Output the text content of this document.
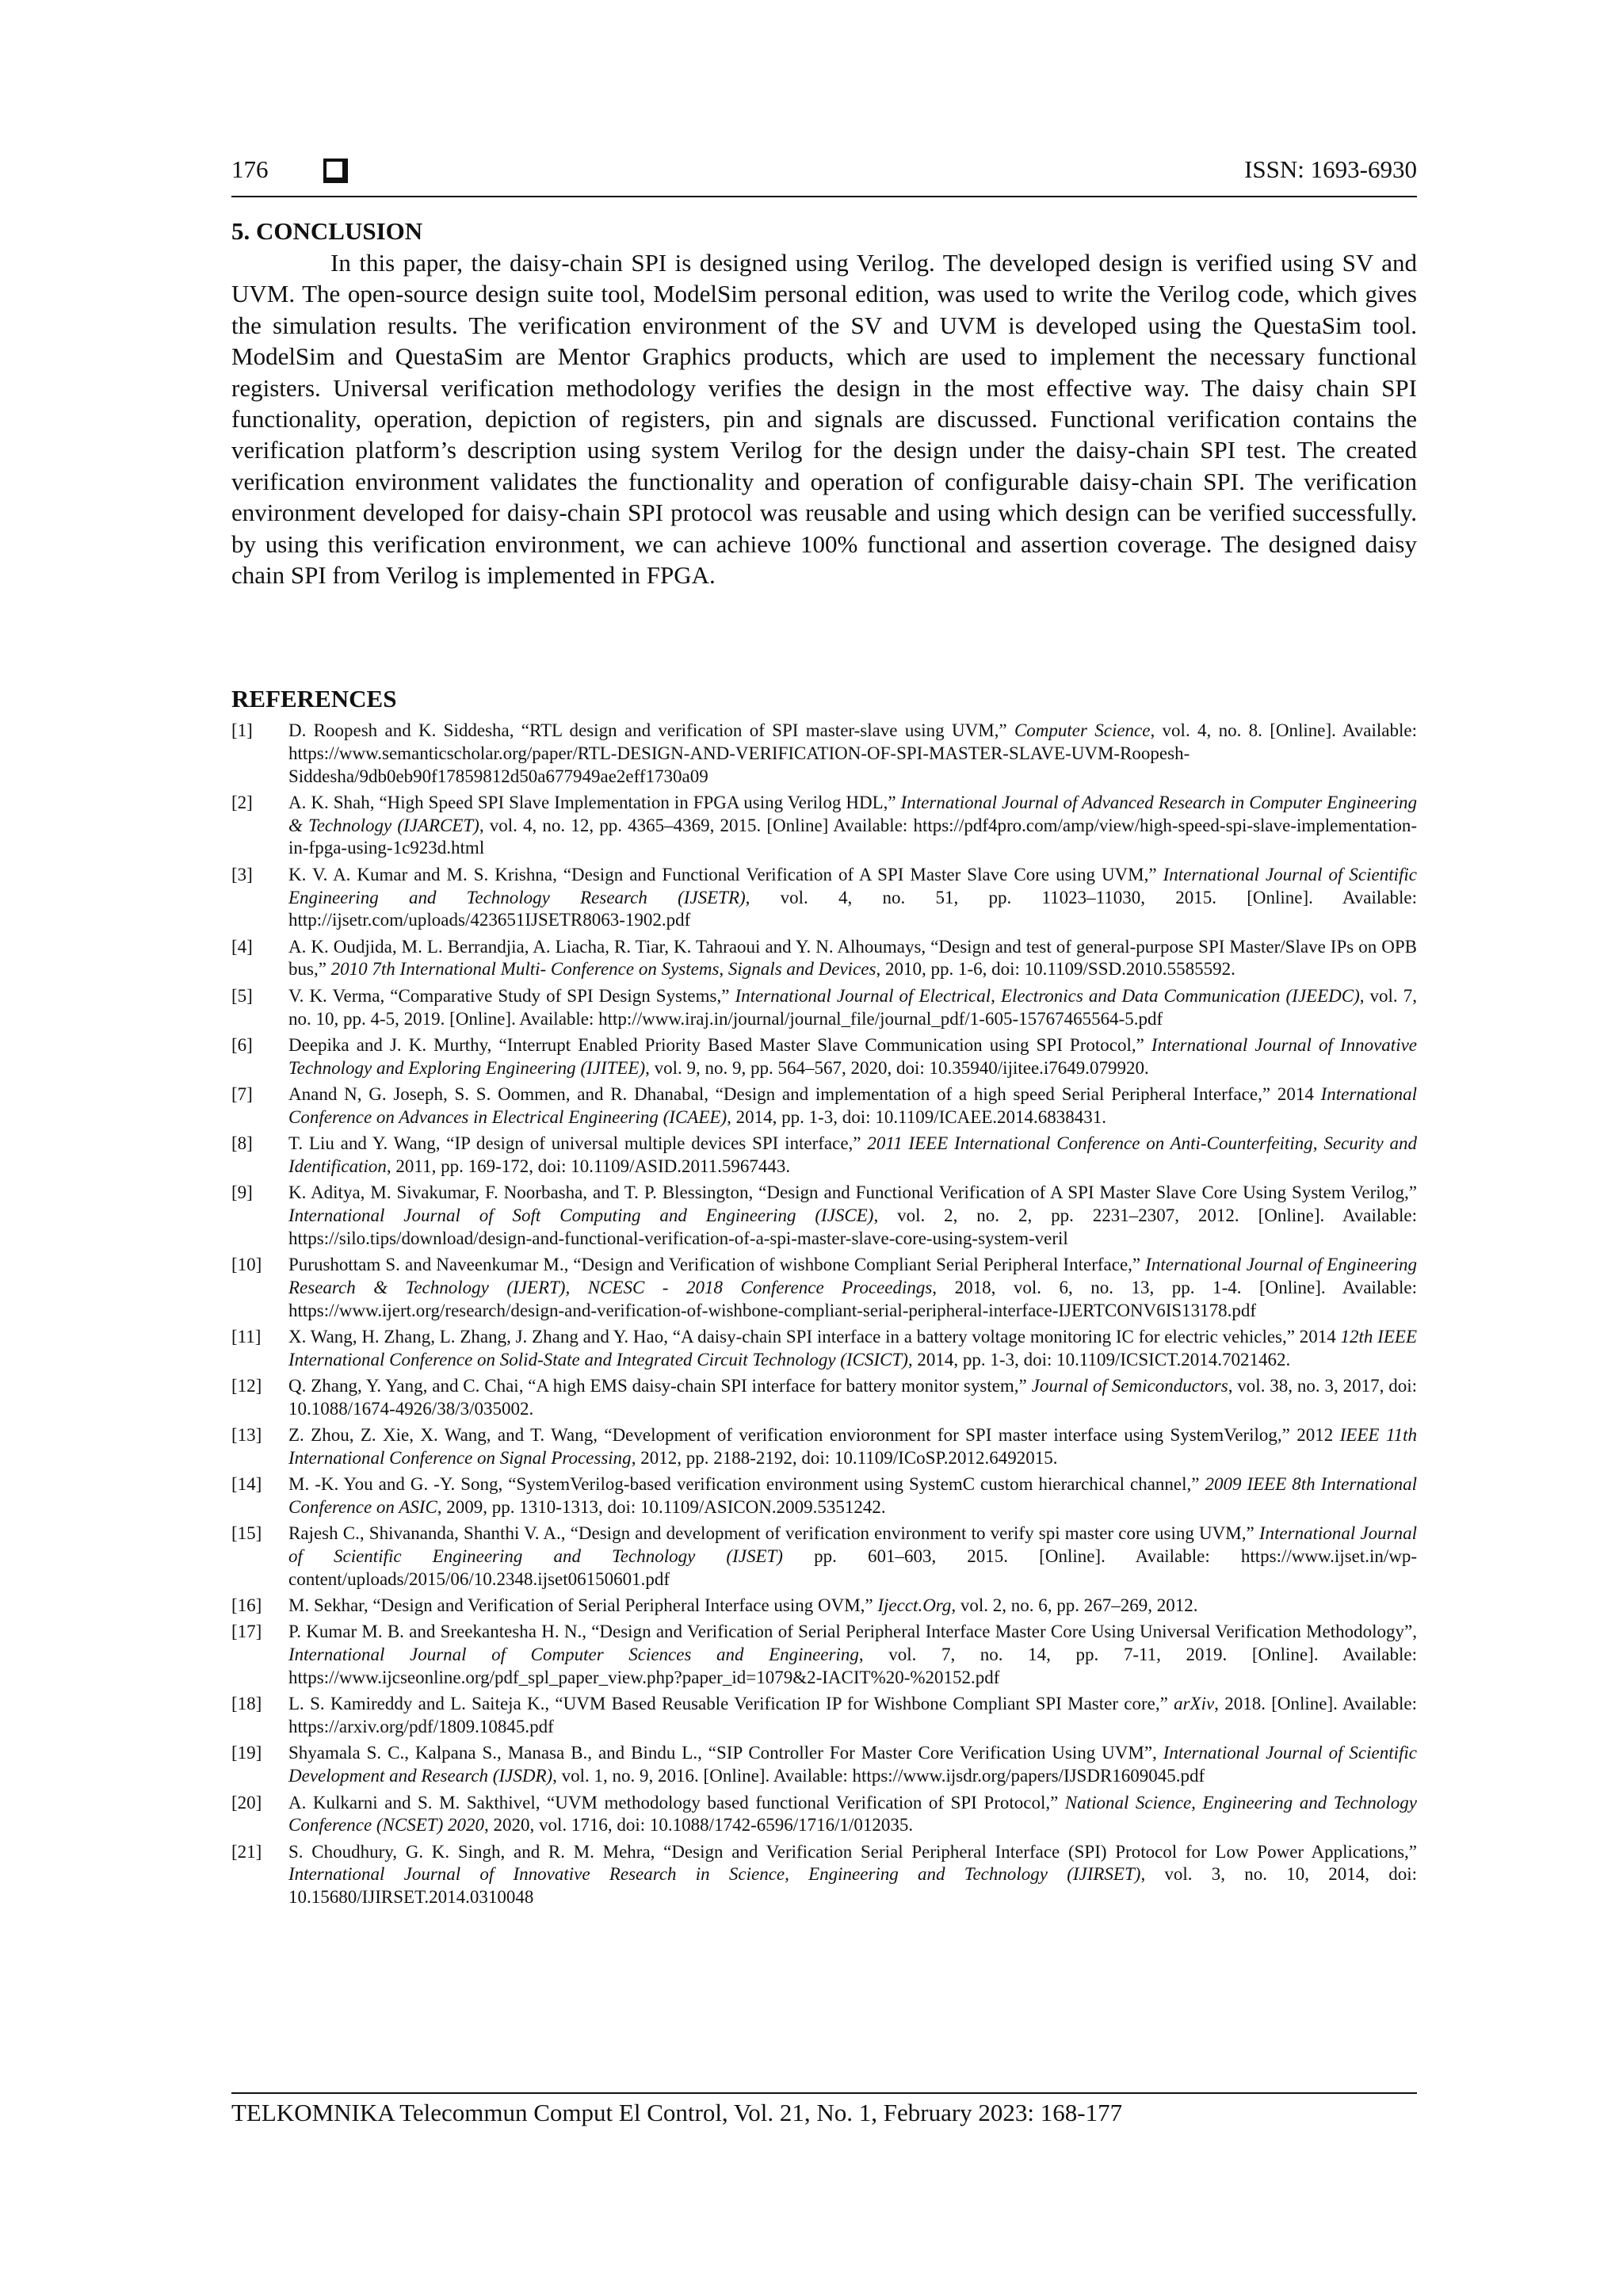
176	ISSN: 1693-6930
5. CONCLUSION

In this paper, the daisy-chain SPI is designed using Verilog. The developed design is verified using SV and UVM. The open-source design suite tool, ModelSim personal edition, was used to write the Verilog code, which gives the simulation results. The verification environment of the SV and UVM is developed using the QuestaSim tool. ModelSim and QuestaSim are Mentor Graphics products, which are used to implement the necessary functional registers. Universal verification methodology verifies the design in the most effective way. The daisy chain SPI functionality, operation, depiction of registers, pin and signals are discussed. Functional verification contains the verification platform’s description using system Verilog for the design under the daisy-chain SPI test. The created verification environment validates the functionality and operation of configurable daisy-chain SPI. The verification environment developed for daisy-chain SPI protocol was reusable and using which design can be verified successfully. by using this verification environment, we can achieve 100% functional and assertion coverage. The designed daisy chain SPI from Verilog is implemented in FPGA.

REFERENCES
[1] D. Roopesh and K. Siddesha, “RTL design and verification of SPI master-slave using UVM,” Computer Science, vol. 4, no. 8. [Online]. Available: https://www.semanticscholar.org/paper/RTL-DESIGN-AND-VERIFICATION-OF-SPI-MASTER-SLAVE-UVM-Roopesh-Siddesha/9db0eb90f17859812d50a677949ae2eff1730a09
[2] A. K. Shah, “High Speed SPI Slave Implementation in FPGA using Verilog HDL,” International Journal of Advanced Research in Computer Engineering & Technology (IJARCET), vol. 4, no. 12, pp. 4365–4369, 2015. [Online] Available: https://pdf4pro.com/amp/view/high-speed-spi-slave-implementation-in-fpga-using-1c923d.html
[3] K. V. A. Kumar and M. S. Krishna, “Design and Functional Verification of A SPI Master Slave Core using UVM,” International Journal of Scientific Engineering and Technology Research (IJSETR), vol. 4, no. 51, pp. 11023–11030, 2015. [Online]. Available: http://ijsetr.com/uploads/423651IJSETR8063-1902.pdf
[4] A. K. Oudjida, M. L. Berrandjia, A. Liacha, R. Tiar, K. Tahraoui and Y. N. Alhoumays, “Design and test of general-purpose SPI Master/Slave IPs on OPB bus,” 2010 7th International Multi- Conference on Systems, Signals and Devices, 2010, pp. 1-6, doi: 10.1109/SSD.2010.5585592.
[5] V. K. Verma, “Comparative Study of SPI Design Systems,” International Journal of Electrical, Electronics and Data Communication (IJEEDC), vol. 7, no. 10, pp. 4-5, 2019. [Online]. Available: http://www.iraj.in/journal/journal_file/journal_pdf/1-605-15767465564-5.pdf
[6] Deepika and J. K. Murthy, “Interrupt Enabled Priority Based Master Slave Communication using SPI Protocol,” International Journal of Innovative Technology and Exploring Engineering (IJITEE), vol. 9, no. 9, pp. 564–567, 2020, doi: 10.35940/ijitee.i7649.079920.
[7] Anand N, G. Joseph, S. S. Oommen, and R. Dhanabal, “Design and implementation of a high speed Serial Peripheral Interface,” 2014 International Conference on Advances in Electrical Engineering (ICAEE), 2014, pp. 1-3, doi: 10.1109/ICAEE.2014.6838431.
[8] T. Liu and Y. Wang, “IP design of universal multiple devices SPI interface,” 2011 IEEE International Conference on Anti-Counterfeiting, Security and Identification, 2011, pp. 169-172, doi: 10.1109/ASID.2011.5967443.
[9] K. Aditya, M. Sivakumar, F. Noorbasha, and T. P. Blessington, “Design and Functional Verification of A SPI Master Slave Core Using System Verilog,” International Journal of Soft Computing and Engineering (IJSCE), vol. 2, no. 2, pp. 2231–2307, 2012. [Online]. Available: https://silo.tips/download/design-and-functional-verification-of-a-spi-master-slave-core-using-system-veril
[10] Purushottam S. and Naveenkumar M., “Design and Verification of wishbone Compliant Serial Peripheral Interface,” International Journal of Engineering Research & Technology (IJERT), NCESC - 2018 Conference Proceedings, 2018, vol. 6, no. 13, pp. 1-4. [Online]. Available: https://www.ijert.org/research/design-and-verification-of-wishbone-compliant-serial-peripheral-interface-IJERTCONV6IS13178.pdf
[11] X. Wang, H. Zhang, L. Zhang, J. Zhang and Y. Hao, “A daisy-chain SPI interface in a battery voltage monitoring IC for electric vehicles,” 2014 12th IEEE International Conference on Solid-State and Integrated Circuit Technology (ICSICT), 2014, pp. 1-3, doi: 10.1109/ICSICT.2014.7021462.
[12] Q. Zhang, Y. Yang, and C. Chai, “A high EMS daisy-chain SPI interface for battery monitor system,” Journal of Semiconductors, vol. 38, no. 3, 2017, doi: 10.1088/1674-4926/38/3/035002.
[13] Z. Zhou, Z. Xie, X. Wang, and T. Wang, “Development of verification envioronment for SPI master interface using SystemVerilog,” 2012 IEEE 11th International Conference on Signal Processing, 2012, pp. 2188-2192, doi: 10.1109/ICoSP.2012.6492015.
[14] M. -K. You and G. -Y. Song, “SystemVerilog-based verification environment using SystemC custom hierarchical channel,” 2009 IEEE 8th International Conference on ASIC, 2009, pp. 1310-1313, doi: 10.1109/ASICON.2009.5351242.
[15] Rajesh C., Shivananda, Shanthi V. A., “Design and development of verification environment to verify spi master core using UVM,” International Journal of Scientific Engineering and Technology (IJSET) pp. 601–603, 2015. [Online]. Available: https://www.ijset.in/wp-content/uploads/2015/06/10.2348.ijset06150601.pdf
[16] M. Sekhar, “Design and Verification of Serial Peripheral Interface using OVM,” Ijecct.Org, vol. 2, no. 6, pp. 267–269, 2012.
[17] P. Kumar M. B. and Sreekantesha H. N., “Design and Verification of Serial Peripheral Interface Master Core Using Universal Verification Methodology”, International Journal of Computer Sciences and Engineering, vol. 7, no. 14, pp. 7-11, 2019. [Online]. Available: https://www.ijcseonline.org/pdf_spl_paper_view.php?paper_id=1079&2-IACIT%20-%20152.pdf
[18] L. S. Kamireddy and L. Saiteja K., “UVM Based Reusable Verification IP for Wishbone Compliant SPI Master core,” arXiv, 2018. [Online]. Available: https://arxiv.org/pdf/1809.10845.pdf
[19] Shyamala S. C., Kalpana S., Manasa B., and Bindu L., “SIP Controller For Master Core Verification Using UVM”, International Journal of Scientific Development and Research (IJSDR), vol. 1, no. 9, 2016. [Online]. Available: https://www.ijsdr.org/papers/IJSDR1609045.pdf
[20] A. Kulkarni and S. M. Sakthivel, “UVM methodology based functional Verification of SPI Protocol,” National Science, Engineering and Technology Conference (NCSET) 2020, 2020, vol. 1716, doi: 10.1088/1742-6596/1716/1/012035.
[21] S. Choudhury, G. K. Singh, and R. M. Mehra, “Design and Verification Serial Peripheral Interface (SPI) Protocol for Low Power Applications,” International Journal of Innovative Research in Science, Engineering and Technology (IJIRSET), vol. 3, no. 10, 2014, doi: 10.15680/IJIRSET.2014.0310048
TELKOMNIKA Telecommun Comput El Control, Vol. 21, No. 1, February 2023: 168-177
